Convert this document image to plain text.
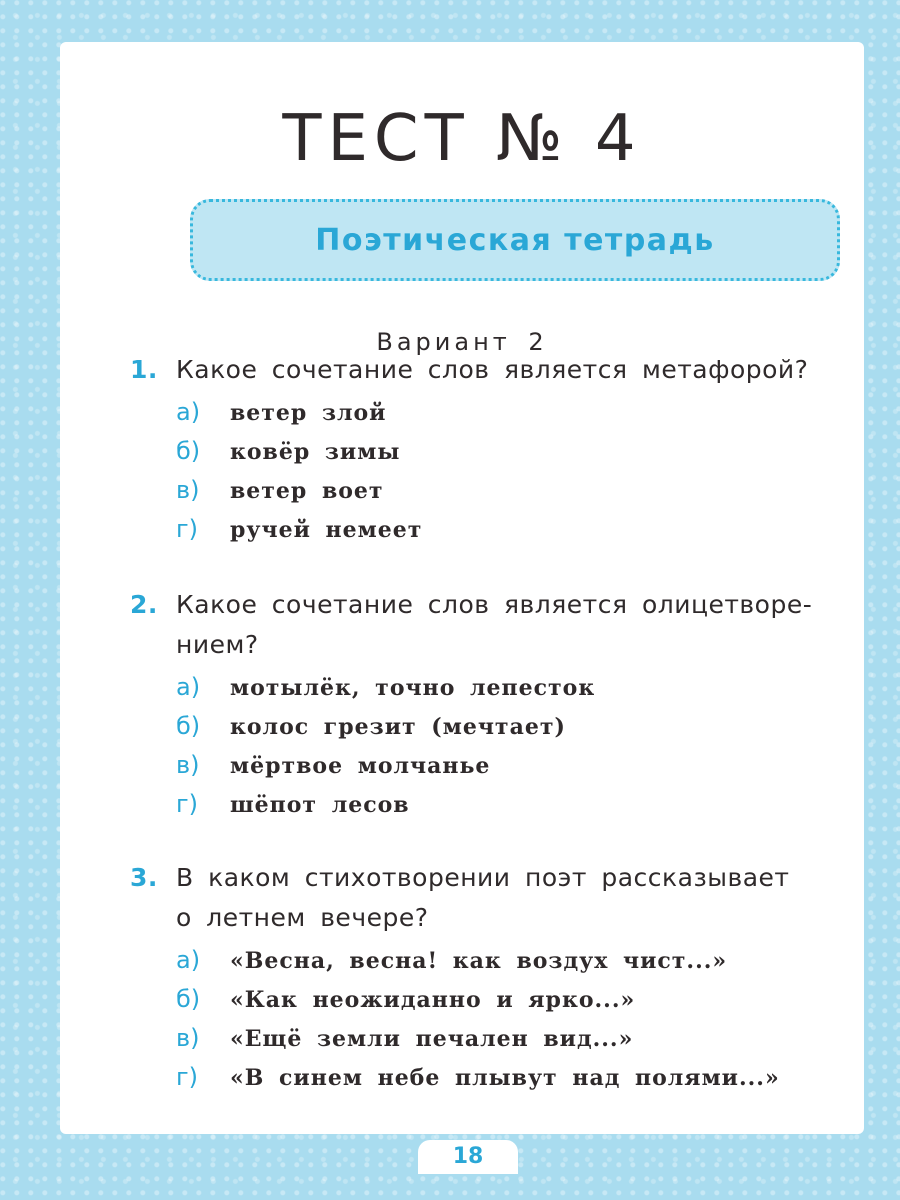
ТЕСТ № 4
Поэтическая тетрадь
Вариант 2
1. Какое сочетание слов является метафорой?
а)	ветер злой
б)	ковёр зимы
в)	ветер воет
г)	ручей немеет
2. Какое сочетание слов является олицетворе-
нием?
а)	мотылёк, точно лепесток
б)	колос грезит (мечтает)
в)	мёртвое молчанье
г)	шёпот лесов
3. В каком стихотворении поэт рассказывает
о летнем вечере?
а)	«Весна, весна! как воздух чист...»
б)	«Как неожиданно и ярко...»
в)	«Ещё земли печален вид...»
г)	«В синем небе плывут над полями...»
18
